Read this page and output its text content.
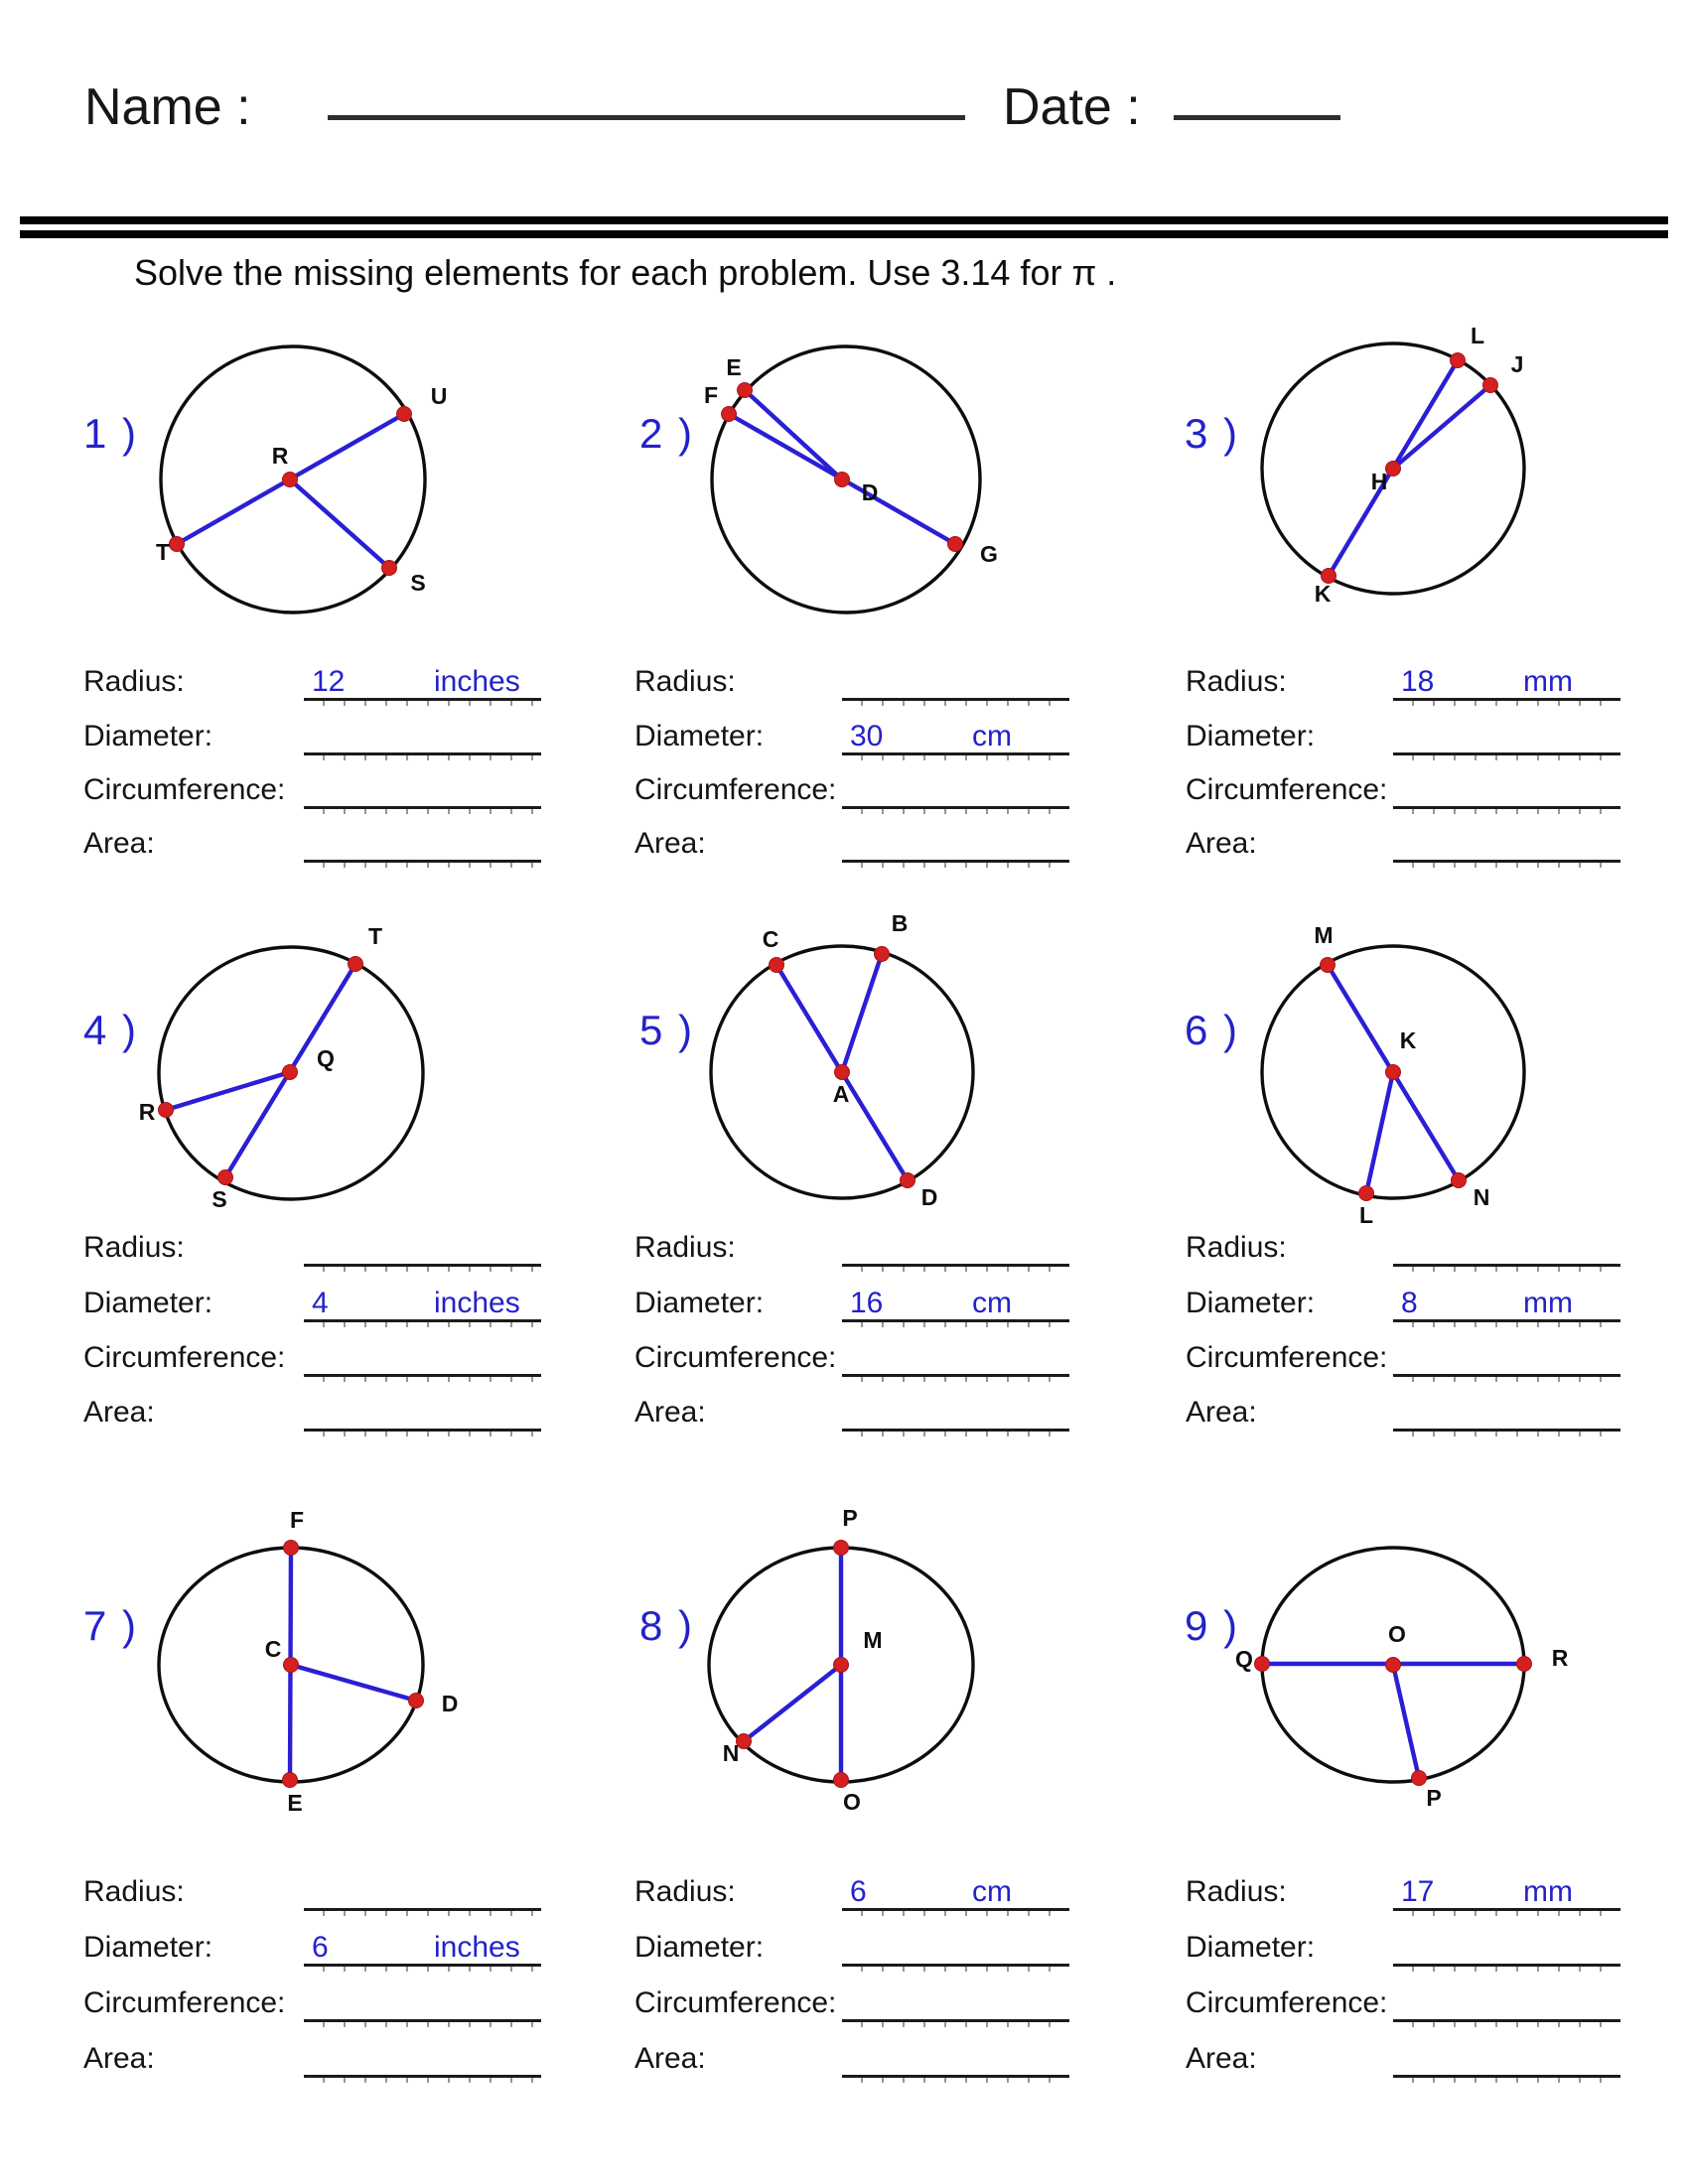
Name :	Date :
Solve the missing elements for each problem. Use 3.14 for π .
R
U
T
S
D
E
F
G
H
L
J
K
Q
T
R
S
A
C
B
D
K
M
L
N
C
F
E
D
M
P
O
N
O
Q	R
P
1 )
Radius:	12	inches
Diameter:
Circumference:
Area:
2 )
Radius:
Diameter:	30	cm
Circumference:
Area:
3 )
Radius:	18	mm
Diameter:
Circumference:
Area:
4 )
Radius:
Diameter:	4	inches
Circumference:
Area:
5 )
Radius:
Diameter:	16	cm
Circumference:
Area:
6 )
Radius:
Diameter:	8	mm
Circumference:
Area:
7 )
Radius:
Diameter:	6	inches
Circumference:
Area:
8 )
Radius:	6	cm
Diameter:
Circumference:
Area:
9 )
Radius:	17	mm
Diameter:
Circumference:
Area:
